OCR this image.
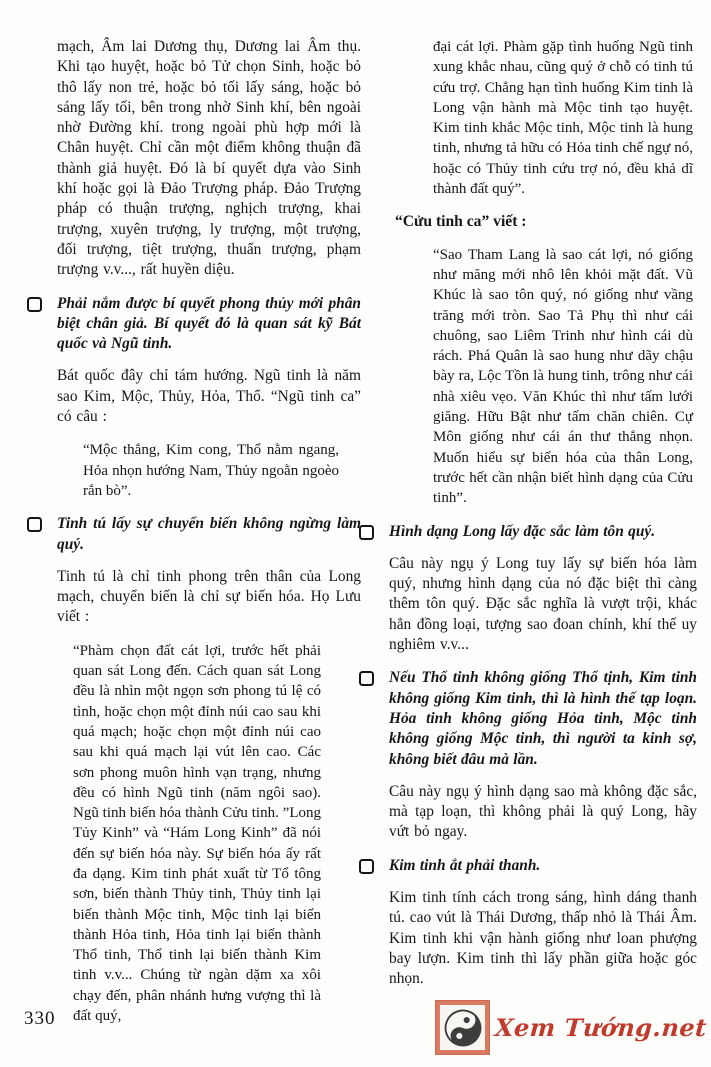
mạch, Âm lai Dương thụ, Dương lai Âm thụ. Khi tạo huyệt, hoặc bỏ Tử chọn Sinh, hoặc bỏ thô lấy non trẻ, hoặc bỏ tối lấy sáng, hoặc bỏ sáng lấy tối, bên trong nhờ Sinh khí, bên ngoài nhờ Đường khí. trong ngoài phù hợp mới là Chân huyệt. Chỉ cần một điểm không thuận đã thành giả huyệt. Đó là bí quyết dựa vào Sinh khí hoặc gọi là Đảo Trượng pháp. Đảo Trượng pháp có thuận trượng, nghịch trượng, khai trượng, xuyên trượng, ly trượng, một trượng, đối trượng, tiệt trượng, thuẩn trượng, phạm trượng v.v..., rất huyền diệu.

Phải nắm được bí quyết phong thủy mới phân biệt chân giả. Bí quyết đó là quan sát kỹ Bát quốc và Ngũ tinh.

Bát quốc đây chỉ tám hướng. Ngũ tinh là năm sao Kim, Mộc, Thủy, Hỏa, Thổ. “Ngũ tinh ca” có câu :

“Mộc thẳng, Kim cong, Thổ nằm ngang, Hỏa nhọn hướng Nam, Thủy ngoằn ngoèo rắn bò”.

Tinh tú lấy sự chuyển biến không ngừng làm quý.

Tinh tú là chỉ tinh phong trên thân của Long mạch, chuyển biến là chỉ sự biến hóa. Họ Lưu viết :

“Phàm chọn đất cát lợi, trước hết phải quan sát Long đến. Cách quan sát Long đều là nhìn một ngọn sơn phong tú lệ có tình, hoặc chọn một đỉnh núi cao sau khi quá mạch; hoặc chọn một đỉnh núi cao sau khi quá mạch lại vút lên cao. Các sơn phong muôn hình vạn trạng, nhưng đều có hình Ngũ tinh (năm ngôi sao). Ngũ tinh biến hóa thành Cửu tinh. ”Long Tủy Kinh” và “Hám Long Kinh” đã nói đến sự biến hóa này. Sự biến hóa ấy rất đa dạng. Kim tinh phát xuất từ Tổ tông sơn, biến thành Thủy tinh, Thủy tinh lại biến thành Mộc tinh, Mộc tinh lại biến thành Hỏa tinh, Hỏa tinh lại biến thành Thổ tinh, Thổ tinh lại biến thành Kim tinh v.v... Chúng từ ngàn dặm xa xôi chạy đến, phân nhánh hưng vượng thì là đất quý,

đại cát lợi. Phàm gặp tình huống Ngũ tinh xung khắc nhau, cũng quý ở chỗ có tinh tú cứu trợ. Chẳng hạn tình huống Kim tinh là Long vận hành mà Mộc tinh tạo huyệt. Kim tinh khắc Mộc tinh, Mộc tinh là hung tinh, nhưng tả hữu có Hỏa tinh chế ngự nó, hoặc có Thủy tinh cứu trợ nó, đều khả dĩ thành đất quý”.

“Cửu tinh ca” viết :

“Sao Tham Lang là sao cát lợi, nó giống như măng mới nhô lên khỏi mặt đất. Vũ Khúc là sao tôn quý, nó giống như vầng trăng mới tròn. Sao Tả Phụ thì như cái chuông, sao Liêm Trinh như hình cái dù rách. Phá Quân là sao hung như dãy chậu bày ra, Lộc Tồn là hung tinh, trông như cái nhà xiêu vẹo. Văn Khúc thì như tấm lưới giăng. Hữu Bật như tấm chăn chiên. Cự Môn giống như cái án thư thẳng nhọn. Muốn hiểu sự biến hóa của thân Long, trước hết cần nhận biết hình dạng của Cửu tinh”.

Hình dạng Long lấy đặc sắc làm tôn quý.

Câu này ngụ ý Long tuy lấy sự biến hóa làm quý, nhưng hình dạng của nó đặc biệt thì càng thêm tôn quý. Đặc sắc nghĩa là vượt trội, khác hẳn đồng loại, tượng sao đoan chính, khí thế uy nghiêm v.v...

Nếu Thổ tinh không giống Thổ tịnh, Kim tinh không giống Kim tinh, thì là hình thế tạp loạn. Hỏa tinh không giống Hỏa tinh, Mộc tinh không giống Mộc tinh, thì người ta kinh sợ, không biết đâu mà lần.

Câu này ngụ ý hình dạng sao mà không đặc sắc, mà tạp loạn, thì không phải là quý Long, hãy vứt bỏ ngay.

Kim tinh ắt phải thanh.

Kim tinh tính cách trong sáng, hình dáng thanh tú. cao vút là Thái Dương, thấp nhỏ là Thái Âm. Kim tinh khi vận hành giống như loan phượng bay lượn. Kim tinh thì lấy phần giữa hoặc góc nhọn.

330	Xem Tướng.net
